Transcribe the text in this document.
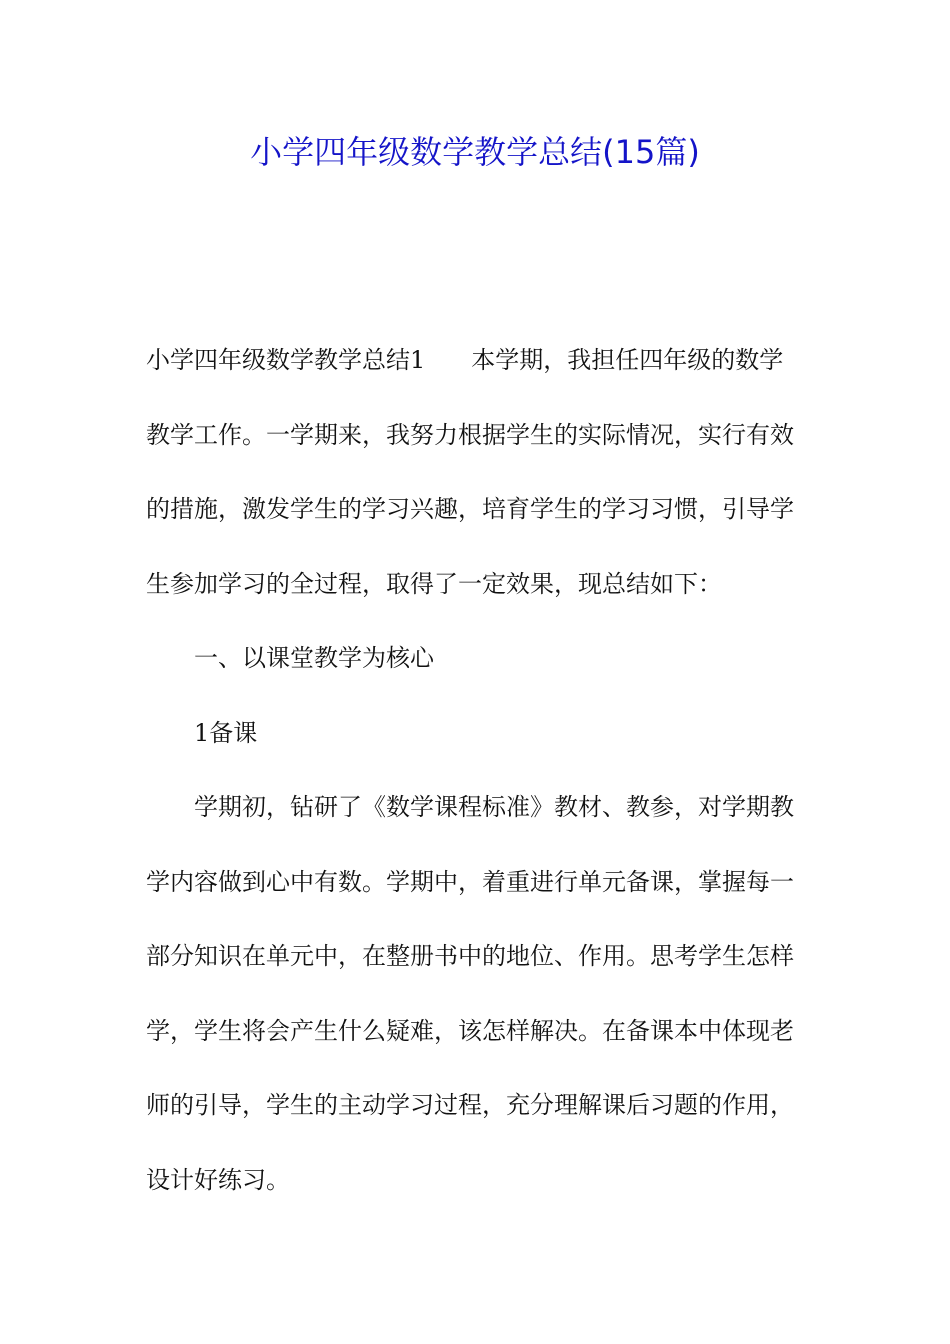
小学四年级数学教学总结(15篇)
小学四年级数学教学总结1 本学期，我担任四年级的数学
教学工作。一学期来，我努力根据学生的实际情况，实行有效
的措施，激发学生的学习兴趣，培育学生的学习习惯，引导学
生参加学习的全过程，取得了一定效果，现总结如下：
一、以课堂教学为核心
1备课
学期初，钻研了《数学课程标准》教材、教参，对学期教
学内容做到心中有数。学期中，着重进行单元备课，掌握每一
部分知识在单元中，在整册书中的地位、作用。思考学生怎样
学，学生将会产生什么疑难，该怎样解决。在备课本中体现老
师的引导，学生的主动学习过程，充分理解课后习题的作用，
设计好练习。
